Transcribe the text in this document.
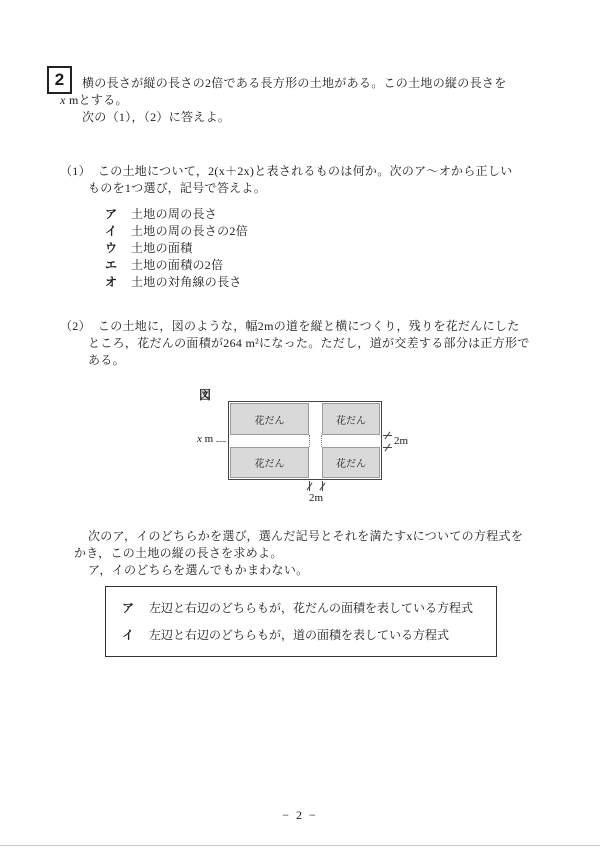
2 横の長さが縦の長さの2倍である長方形の土地がある。この土地の縦の長さを
x mとする。
次の（1），（2）に答えよ。
（1） この土地について，2(x＋2x)と表されるものは何か。次のア〜オから正しい
ものを1つ選び，記号で答えよ。
ア 土地の周の長さ
イ 土地の周の長さの2倍
ウ 土地の面積
エ 土地の面積の2倍
オ 土地の対角線の長さ
（2） この土地に，図のような，幅2mの道を縦と横につくり，残りを花だんにした
ところ，花だんの面積が264 m²になった。ただし，道が交差する部分は正方形で
ある。
図
花だん	花だん
花だん	花だん
x m	2m
2m
次のア，イのどちらかを選び，選んだ記号とそれを満たすxについての方程式を
かき，この土地の縦の長さを求めよ。
ア，イのどちらを選んでもかまわない。
ア 左辺と右辺のどちらもが，花だんの面積を表している方程式
イ 左辺と右辺のどちらもが，道の面積を表している方程式
− 2 −
